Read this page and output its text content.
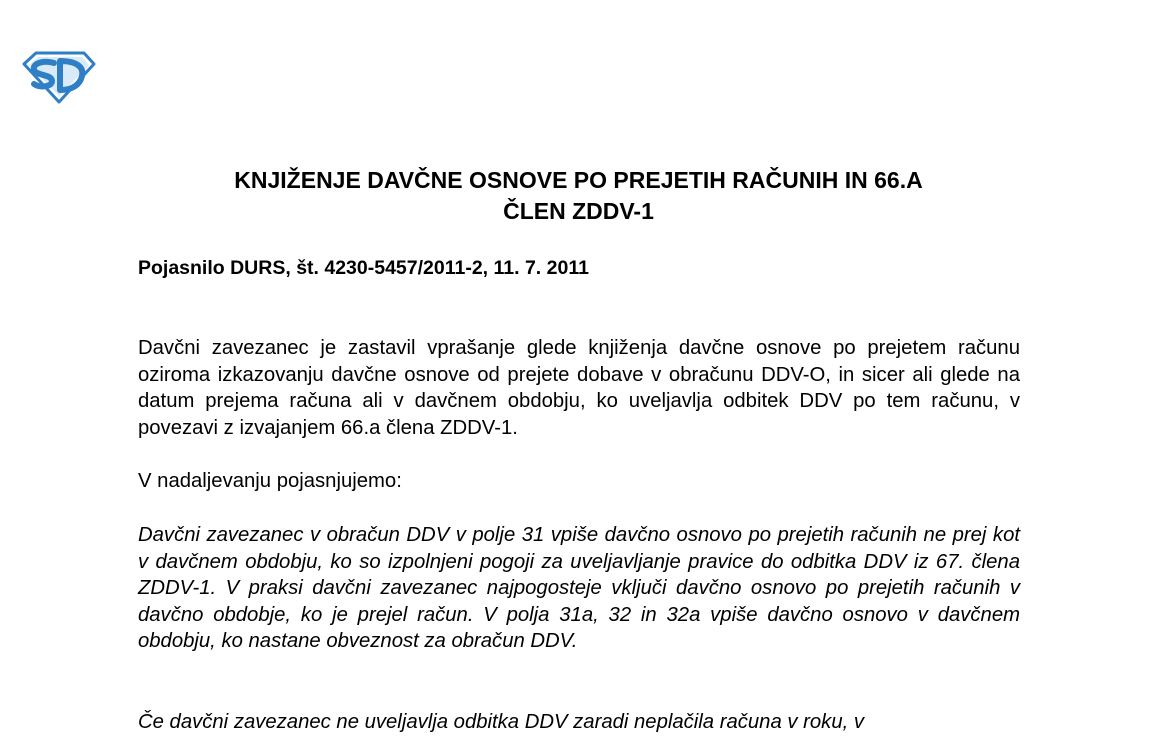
KNJIŽENJE DAVČNE OSNOVE PO PREJETIH RAČUNIH IN 66.A
ČLEN ZDDV-1

Pojasnilo DURS, št. 4230-5457/2011-2, 11. 7. 2011

Davčni zavezanec je zastavil vprašanje glede knjiženja davčne osnove po prejetem računu oziroma izkazovanju davčne osnove od prejete dobave v obračunu DDV-O, in sicer ali glede na datum prejema računa ali v davčnem obdobju, ko uveljavlja odbitek DDV po tem računu, v povezavi z izvajanjem 66.a člena ZDDV-1.

V nadaljevanju pojasnjujemo:

Davčni zavezanec v obračun DDV v polje 31 vpiše davčno osnovo po prejetih računih ne prej kot v davčnem obdobju, ko so izpolnjeni pogoji za uveljavljanje pravice do odbitka DDV iz 67. člena ZDDV-1. V praksi davčni zavezanec najpogosteje vključi davčno osnovo po prejetih računih v davčno obdobje, ko je prejel račun. V polja 31a, 32 in 32a vpiše davčno osnovo v davčnem obdobju, ko nastane obveznost za obračun DDV.

Če davčni zavezanec ne uveljavlja odbitka DDV zaradi neplačila računa v roku, v
